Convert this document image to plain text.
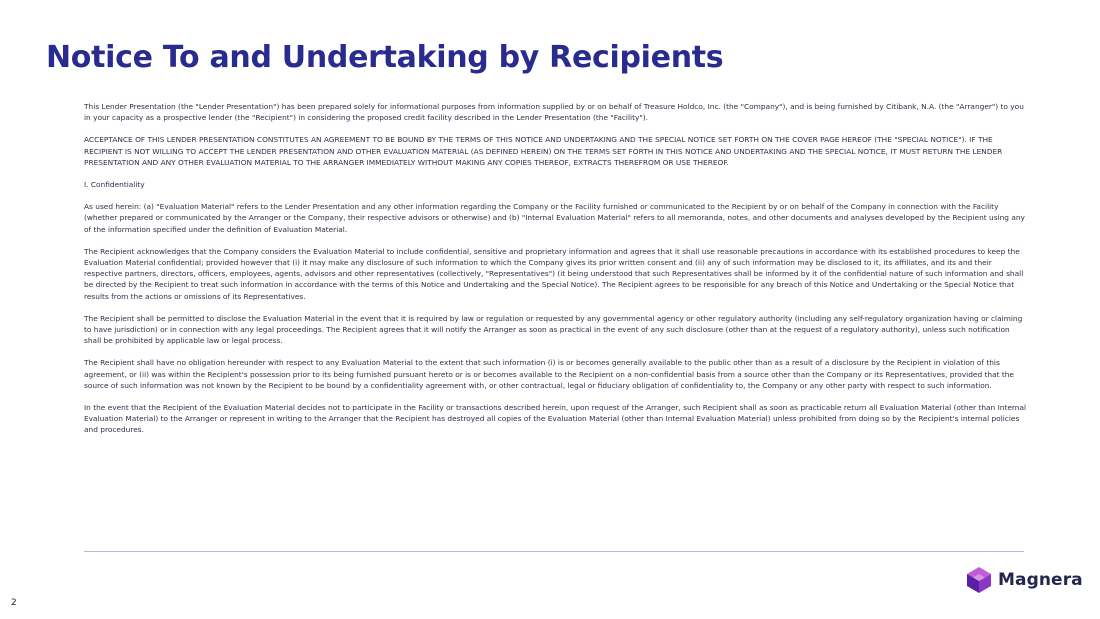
Notice To and Undertaking by Recipients

This Lender Presentation (the "Lender Presentation") has been prepared solely for informational purposes from information supplied by or on behalf of Treasure Holdco, Inc. (the "Company"), and is being furnished by Citibank, N.A. (the "Arranger") to you in your capacity as a prospective lender (the "Recipient") in considering the proposed credit facility described in the Lender Presentation (the "Facility").

ACCEPTANCE OF THIS LENDER PRESENTATION CONSTITUTES AN AGREEMENT TO BE BOUND BY THE TERMS OF THIS NOTICE AND UNDERTAKING AND THE SPECIAL NOTICE SET FORTH ON THE COVER PAGE HEREOF (THE "SPECIAL NOTICE"). IF THE RECIPIENT IS NOT WILLING TO ACCEPT THE LENDER PRESENTATION AND OTHER EVALUATION MATERIAL (AS DEFINED HEREIN) ON THE TERMS SET FORTH IN THIS NOTICE AND UNDERTAKING AND THE SPECIAL NOTICE, IT MUST RETURN THE LENDER PRESENTATION AND ANY OTHER EVALUATION MATERIAL TO THE ARRANGER IMMEDIATELY WITHOUT MAKING ANY COPIES THEREOF, EXTRACTS THEREFROM OR USE THEREOF.

I. Confidentiality

As used herein: (a) "Evaluation Material" refers to the Lender Presentation and any other information regarding the Company or the Facility furnished or communicated to the Recipient by or on behalf of the Company in connection with the Facility (whether prepared or communicated by the Arranger or the Company, their respective advisors or otherwise) and (b) "Internal Evaluation Material" refers to all memoranda, notes, and other documents and analyses developed by the Recipient using any of the information specified under the definition of Evaluation Material.

The Recipient acknowledges that the Company considers the Evaluation Material to include confidential, sensitive and proprietary information and agrees that it shall use reasonable precautions in accordance with its established procedures to keep the Evaluation Material confidential; provided however that (i) it may make any disclosure of such information to which the Company gives its prior written consent and (ii) any of such information may be disclosed to it, its affiliates, and its and their respective partners, directors, officers, employees, agents, advisors and other representatives (collectively, "Representatives") (it being understood that such Representatives shall be informed by it of the confidential nature of such information and shall be directed by the Recipient to treat such information in accordance with the terms of this Notice and Undertaking and the Special Notice). The Recipient agrees to be responsible for any breach of this Notice and Undertaking or the Special Notice that results from the actions or omissions of its Representatives.

The Recipient shall be permitted to disclose the Evaluation Material in the event that it is required by law or regulation or requested by any governmental agency or other regulatory authority (including any self-regulatory organization having or claiming to have jurisdiction) or in connection with any legal proceedings. The Recipient agrees that it will notify the Arranger as soon as practical in the event of any such disclosure (other than at the request of a regulatory authority), unless such notification shall be prohibited by applicable law or legal process.

The Recipient shall have no obligation hereunder with respect to any Evaluation Material to the extent that such information (i) is or becomes generally available to the public other than as a result of a disclosure by the Recipient in violation of this agreement, or (ii) was within the Recipient's possession prior to its being furnished pursuant hereto or is or becomes available to the Recipient on a non-confidential basis from a source other than the Company or its Representatives, provided that the source of such information was not known by the Recipient to be bound by a confidentiality agreement with, or other contractual, legal or fiduciary obligation of confidentiality to, the Company or any other party with respect to such information.

In the event that the Recipient of the Evaluation Material decides not to participate in the Facility or transactions described herein, upon request of the Arranger, such Recipient shall as soon as practicable return all Evaluation Material (other than Internal Evaluation Material) to the Arranger or represent in writing to the Arranger that the Recipient has destroyed all copies of the Evaluation Material (other than Internal Evaluation Material) unless prohibited from doing so by the Recipient's internal policies and procedures.

2
Magnera
